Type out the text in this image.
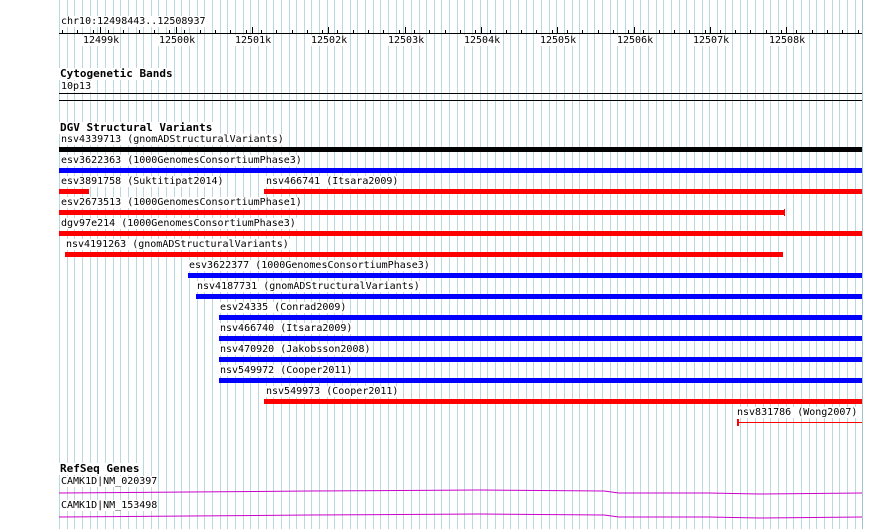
chr10:12498443..12508937
12499k	12500k	12501k	12502k	12503k	12504k	12505k	12506k	12507k	12508k
Cytogenetic Bands
10p13
DGV Structural Variants
nsv4339713 (gnomADStructuralVariants)
esv3622363 (1000GenomesConsortiumPhase3)
esv3891758 (Suktitipat2014)	nsv466741 (Itsara2009)
esv2673513 (1000GenomesConsortiumPhase1)
dgv97e214 (1000GenomesConsortiumPhase3)
nsv4191263 (gnomADStructuralVariants)
esv3622377 (1000GenomesConsortiumPhase3)
nsv4187731 (gnomADStructuralVariants)
esv24335 (Conrad2009)
nsv466740 (Itsara2009)
nsv470920 (Jakobsson2008)
nsv549972 (Cooper2011)
nsv549973 (Cooper2011)
nsv831786 (Wong2007)
RefSeq Genes
CAMK1D|NM_020397
CAMK1D|NM_153498
